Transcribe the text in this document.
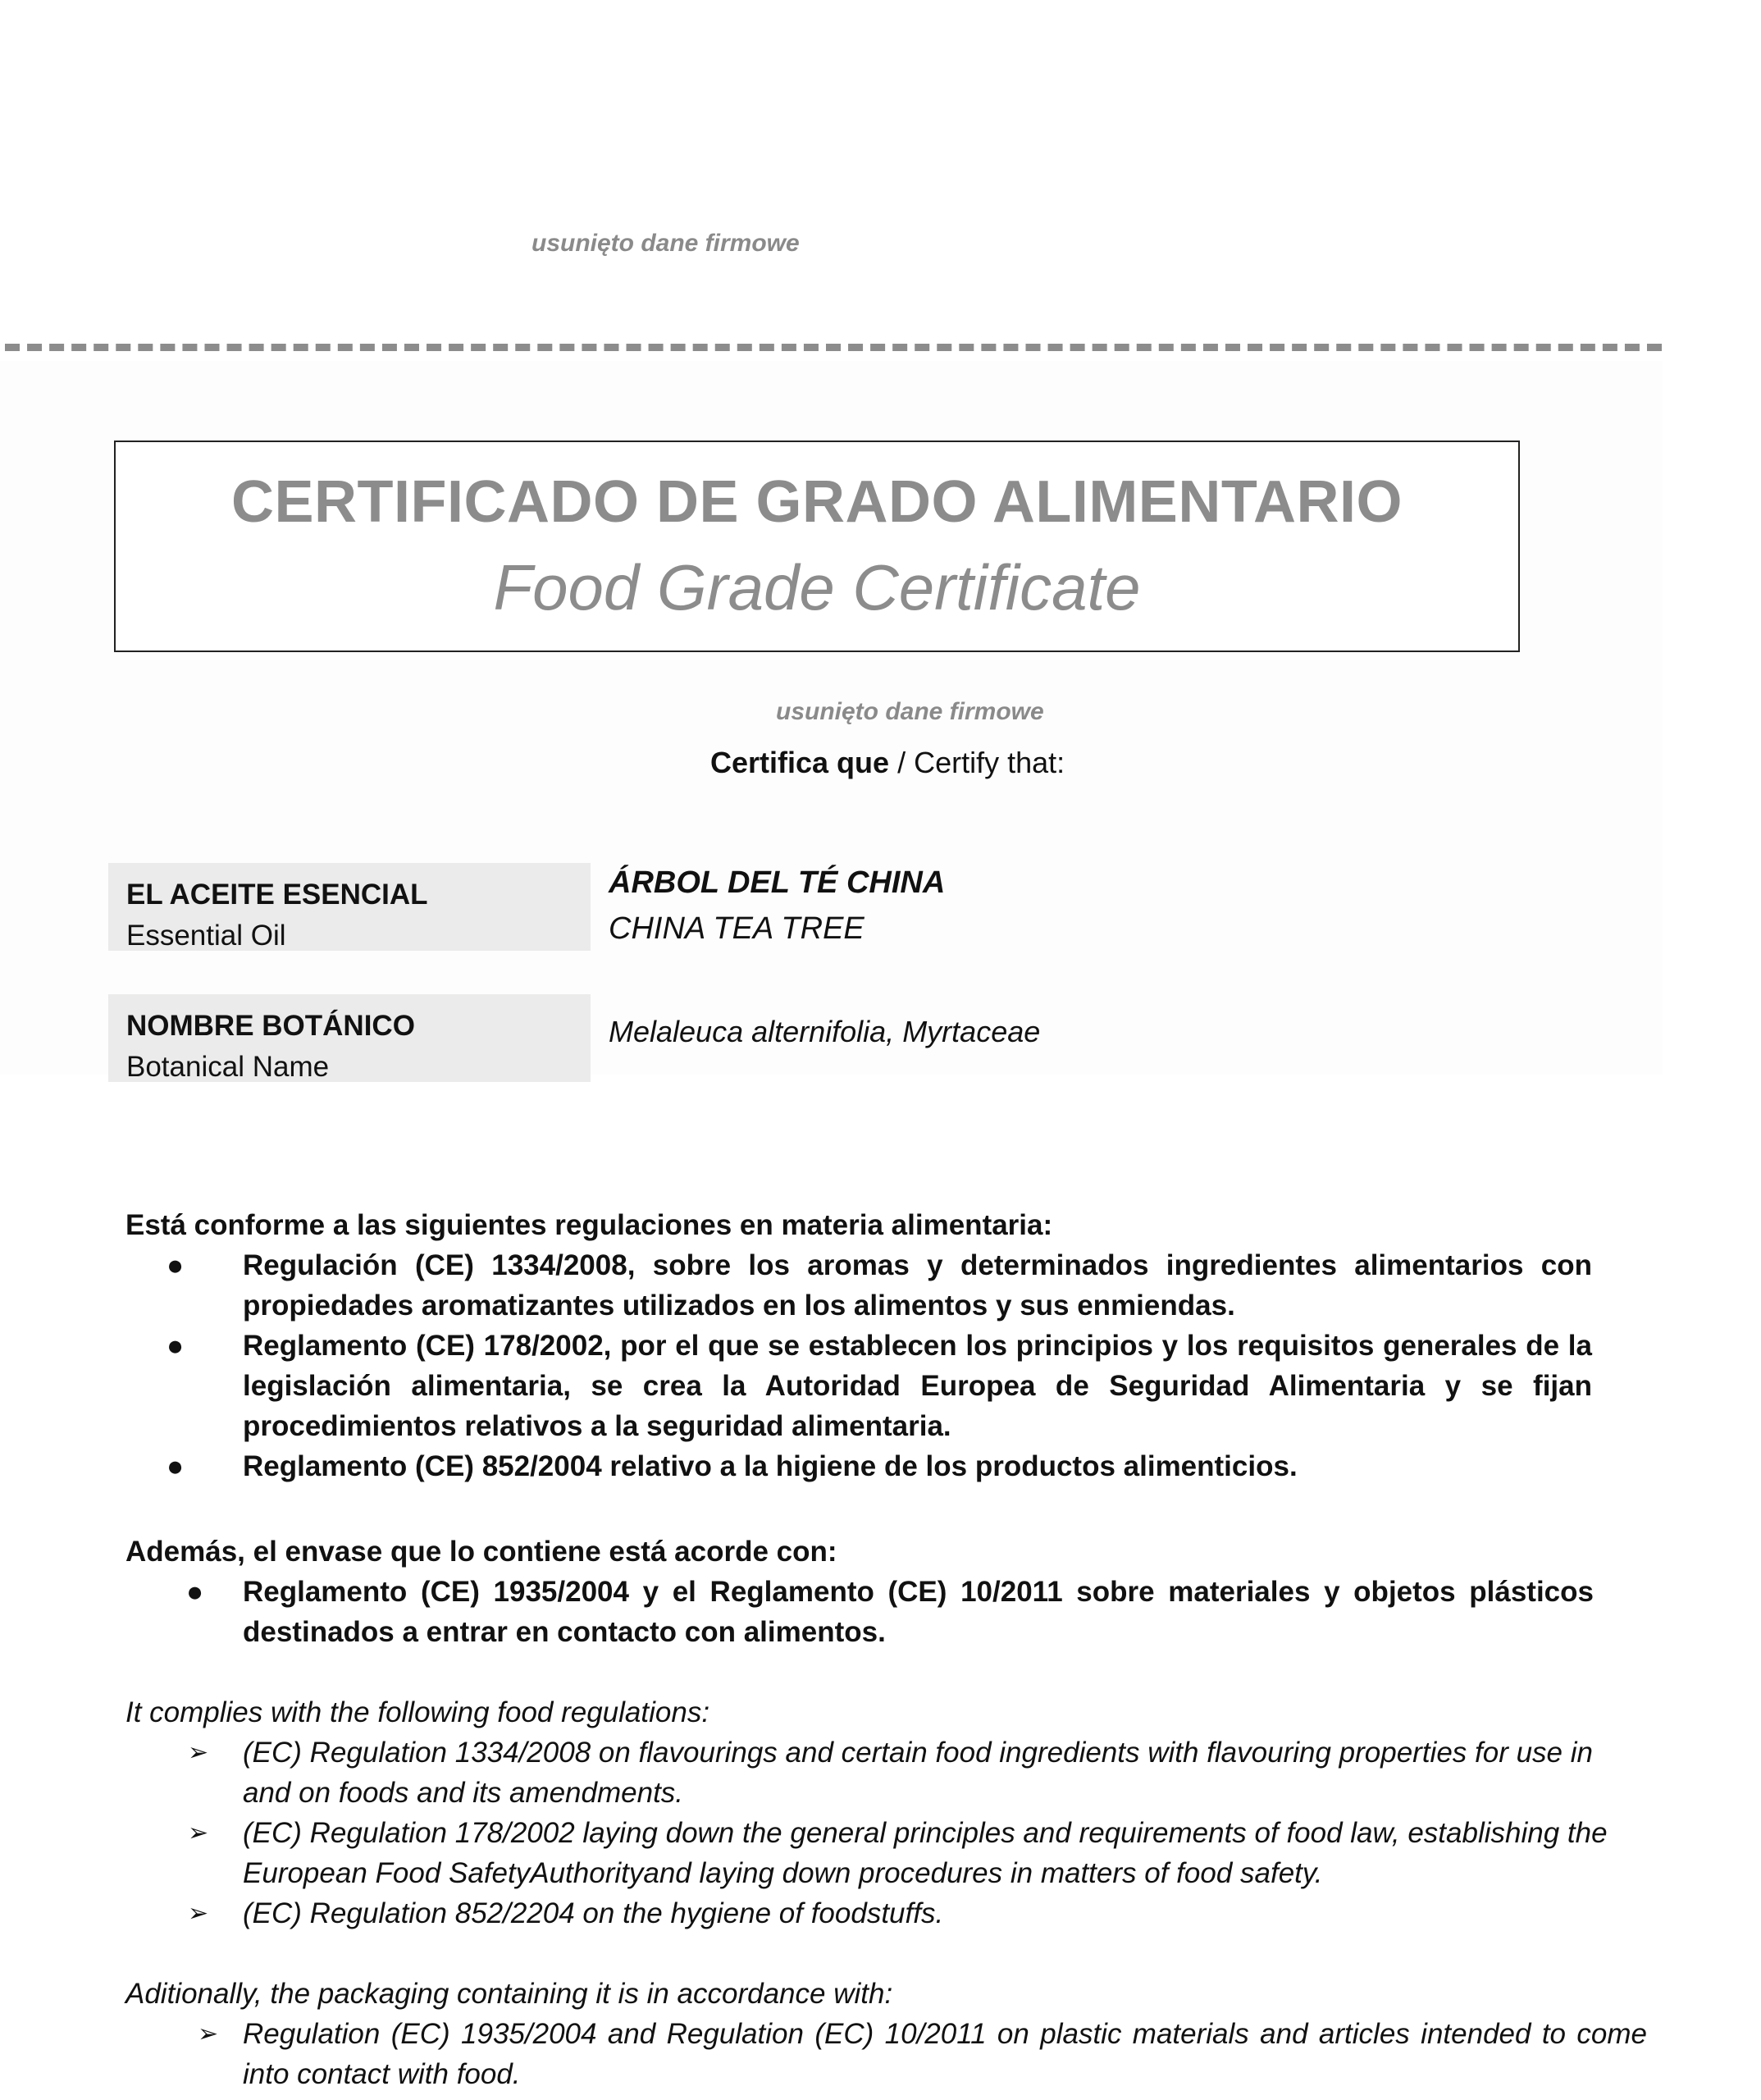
usunięto dane firmowe
CERTIFICADO DE GRADO ALIMENTARIO
Food Grade Certificate
usunięto dane firmowe
Certifica que / Certify that:
EL ACEITE ESENCIAL
Essential Oil
ÁRBOL DEL TÉ CHINA
CHINA TEA TREE
NOMBRE BOTÁNICO
Botanical Name
Melaleuca alternifolia, Myrtaceae
Está conforme a las siguientes regulaciones en materia alimentaria:
● Regulación (CE) 1334/2008, sobre los aromas y determinados ingredientes alimentarios con propiedades aromatizantes utilizados en los alimentos y sus enmiendas.
● Reglamento (CE) 178/2002, por el que se establecen los principios y los requisitos generales de la legislación alimentaria, se crea la Autoridad Europea de Seguridad Alimentaria y se fijan procedimientos relativos a la seguridad alimentaria.
● Reglamento (CE) 852/2004 relativo a la higiene de los productos alimenticios.
Además, el envase que lo contiene está acorde con:
● Reglamento (CE) 1935/2004 y el Reglamento (CE) 10/2011 sobre materiales y objetos plásticos destinados a entrar en contacto con alimentos.
It complies with the following food regulations:
➢ (EC) Regulation 1334/2008 on flavourings and certain food ingredients with flavouring properties for use in and on foods and its amendments.
➢ (EC) Regulation 178/2002 laying down the general principles and requirements of food law, establishing the European Food SafetyAuthorityand laying down procedures in matters of food safety.
➢ (EC) Regulation 852/2204 on the hygiene of foodstuffs.
Aditionally, the packaging containing it is in accordance with:
➢ Regulation (EC) 1935/2004 and Regulation (EC) 10/2011 on plastic materials and articles intended to come into contact with food.
